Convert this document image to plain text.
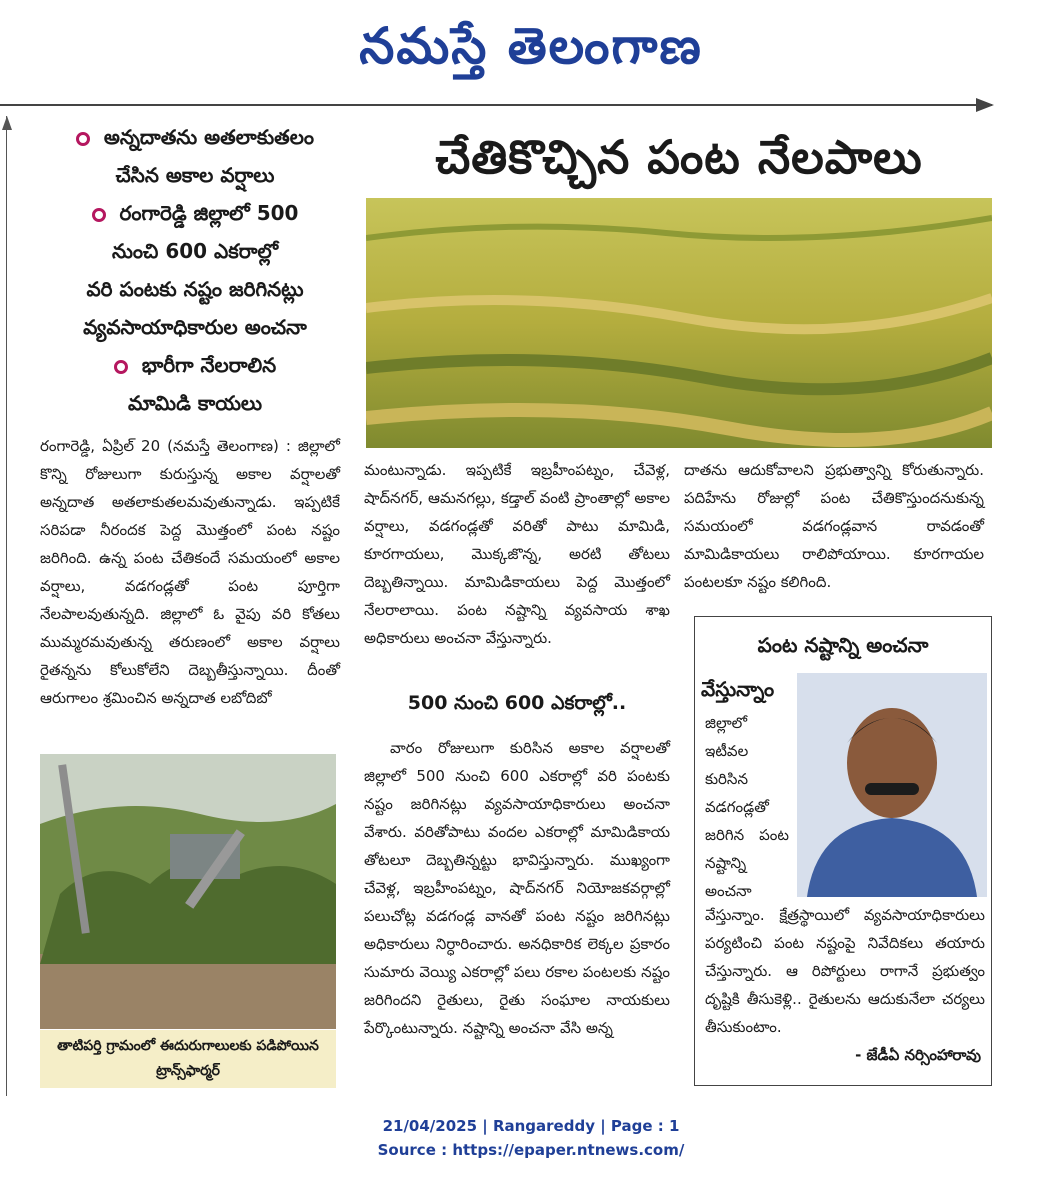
నమస్తే తెలంగాణ
అన్నదాతను అతలాకుతలం
చేసిన అకాల వర్షాలు
రంగారెడ్డి జిల్లాలో 500
నుంచి 600 ఎకరాల్లో
వరి పంటకు నష్టం జరిగినట్లు
వ్యవసాయాధికారుల అంచనా
భారీగా నేలరాలిన
మామిడి కాయలు
రంగారెడ్డి, ఏప్రిల్ 20 (నమస్తే తెలంగాణ) : జిల్లాలో కొన్ని రోజులుగా కురుస్తున్న అకాల వర్షాలతో అన్నదాత అతలాకుతలమవుతున్నాడు. ఇప్పటికే సరిపడా నీరందక పెద్ద మొత్తంలో పంట నష్టం జరిగింది. ఉన్న పంట చేతికందే సమయంలో అకాల వర్షాలు, వడగండ్లతో పంట పూర్తిగా నేలపాలవుతున్నది. జిల్లాలో ఓ వైపు వరి కోతలు ముమ్మరమవుతున్న తరుణంలో అకాల వర్షాలు రైతన్నను కోలుకోలేని దెబ్బతీస్తున్నాయి. దీంతో ఆరుగాలం శ్రమించిన అన్నదాత లబోదిబో
తాటిపర్తి గ్రామంలో ఈదురుగాలులకు పడిపోయిన ట్రాన్స్‌ఫార్మర్
చేతికొచ్చిన పంట నేలపాలు
మంటున్నాడు. ఇప్పటికే ఇబ్రహీంపట్నం, చేవెళ్ల, షాద్‌నగర్, ఆమనగల్లు, కడ్తాల్ వంటి ప్రాంతాల్లో అకాల వర్షాలు, వడగండ్లతో వరితో పాటు మామిడి, కూరగాయలు, మొక్కజొన్న, అరటి తోటలు దెబ్బతిన్నాయి. మామిడికాయలు పెద్ద మొత్తంలో నేలరాలాయి. పంట నష్టాన్ని వ్యవసాయ శాఖ అధికారులు అంచనా వేస్తున్నారు.
500 నుంచి 600 ఎకరాల్లో..
వారం రోజులుగా కురిసిన అకాల వర్షాలతో జిల్లాలో 500 నుంచి 600 ఎకరాల్లో వరి పంటకు నష్టం జరిగినట్లు వ్యవసాయాధికారులు అంచనా వేశారు. వరితోపాటు వందల ఎకరాల్లో మామిడికాయ తోటలూ దెబ్బతిన్నట్టు భావిస్తున్నారు. ముఖ్యంగా చేవెళ్ల, ఇబ్రహీంపట్నం, షాద్‌నగర్ నియోజకవర్గాల్లో పలుచోట్ల వడగండ్ల వానతో పంట నష్టం జరిగినట్లు అధికారులు నిర్ధారించారు. అనధికారిక లెక్కల ప్రకారం సుమారు వెయ్యి ఎకరాల్లో పలు రకాల పంటలకు నష్టం జరిగిందని రైతులు, రైతు సంఘాల నాయకులు పేర్కొంటున్నారు. నష్టాన్ని అంచనా వేసి అన్న
దాతను ఆదుకోవాలని ప్రభుత్వాన్ని కోరుతున్నారు. పదిహేను రోజుల్లో పంట చేతికొస్తుందనుకున్న సమయంలో వడగండ్లవాన రావడంతో మామిడికాయలు రాలిపోయాయి. కూరగాయల పంటలకూ నష్టం కలిగింది.
పంట నష్టాన్ని అంచనా
వేస్తున్నాం
జిల్లాలో ఇటీవల కురిసిన వడగండ్లతో జరిగిన పంట నష్టాన్ని అంచనా
వేస్తున్నాం. క్షేత్రస్థాయిలో వ్యవసాయాధికారులు పర్యటించి పంట నష్టంపై నివేదికలు తయారు చేస్తున్నారు. ఆ రిపోర్టులు రాగానే ప్రభుత్వం దృష్టికి తీసుకెళ్లి.. రైతులను ఆదుకునేలా చర్యలు తీసుకుంటాం.
- జేడీఏ నర్సింహారావు
21/04/2025 | Rangareddy | Page : 1
Source : https://epaper.ntnews.com/
